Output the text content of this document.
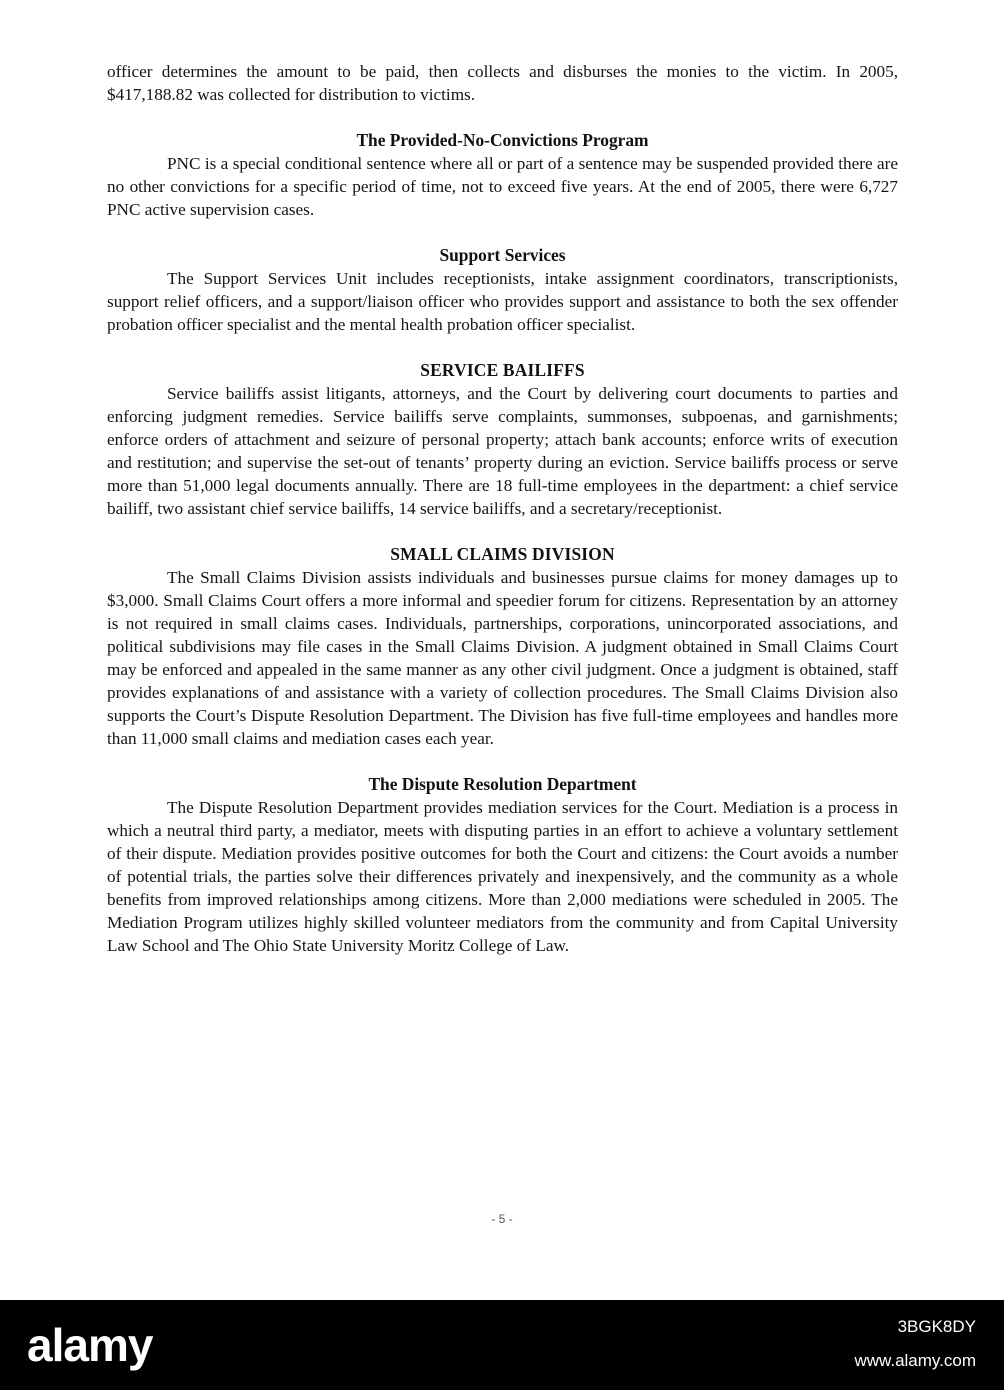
officer determines the amount to be paid, then collects and disburses the monies to the victim. In 2005, $417,188.82 was collected for distribution to victims.

The Provided-No-Convictions Program

PNC is a special conditional sentence where all or part of a sentence may be suspended provided there are no other convictions for a specific period of time, not to exceed five years. At the end of 2005, there were 6,727 PNC active supervision cases.

Support Services

The Support Services Unit includes receptionists, intake assignment coordinators, transcriptionists, support relief officers, and a support/liaison officer who provides support and assistance to both the sex offender probation officer specialist and the mental health probation officer specialist.

SERVICE BAILIFFS

Service bailiffs assist litigants, attorneys, and the Court by delivering court documents to parties and enforcing judgment remedies. Service bailiffs serve complaints, summonses, subpoenas, and garnishments; enforce orders of attachment and seizure of personal property; attach bank accounts; enforce writs of execution and restitution; and supervise the set-out of tenants’ property during an eviction. Service bailiffs process or serve more than 51,000 legal documents annually. There are 18 full-time employees in the department: a chief service bailiff, two assistant chief service bailiffs, 14 service bailiffs, and a secretary/receptionist.

SMALL CLAIMS DIVISION

The Small Claims Division assists individuals and businesses pursue claims for money damages up to $3,000. Small Claims Court offers a more informal and speedier forum for citizens. Representation by an attorney is not required in small claims cases. Individuals, partnerships, corporations, unincorporated associations, and political subdivisions may file cases in the Small Claims Division. A judgment obtained in Small Claims Court may be enforced and appealed in the same manner as any other civil judgment. Once a judgment is obtained, staff provides explanations of and assistance with a variety of collection procedures. The Small Claims Division also supports the Court’s Dispute Resolution Department. The Division has five full-time employees and handles more than 11,000 small claims and mediation cases each year.

The Dispute Resolution Department

The Dispute Resolution Department provides mediation services for the Court. Mediation is a process in which a neutral third party, a mediator, meets with disputing parties in an effort to achieve a voluntary settlement of their dispute. Mediation provides positive outcomes for both the Court and citizens: the Court avoids a number of potential trials, the parties solve their differences privately and inexpensively, and the community as a whole benefits from improved relationships among citizens. More than 2,000 mediations were scheduled in 2005. The Mediation Program utilizes highly skilled volunteer mediators from the community and from Capital University Law School and The Ohio State University Moritz College of Law.

- 5 -
alamy	3BGK8DY
www.alamy.com
